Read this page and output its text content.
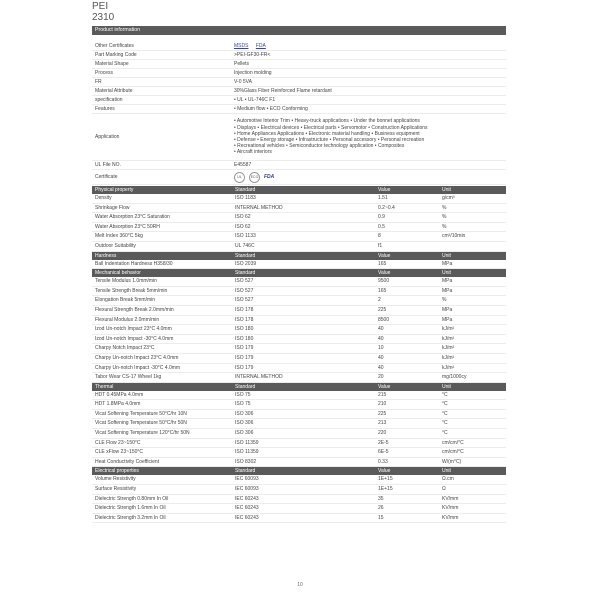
PEI
2310
Product information
Other Certificates	MSDS FDA
Part Marking Code	>PEI-GF30-FR<
Material Shape	Pellets
Process	Injection molding
FR	V-0 5VA
Material Attribute	30%Glass Fiber Reinforced Flame retardant
specification	• UL • UL-746C F1
Features	• Medium flow • ECO Conforming
Application
• Automotive Interior Trim • Heavy-truck applications • Under the bonnet applications
• Displays • Electrical devices • Electrical parts • Servomotor • Construction Applications
• Home Appliances Applications • Electronic material handling • Business equipment
• Defense • Energy storage • Infrastructure • Personal accessory • Personal recreation
• Recreational vehicles • Semiconductor technology application • Composites
• Aircraft interiors
UL File NO.	E45587
Certificate	UL	ECO	FDA
Physical property	Standard	Value	Unit
Density	ISO 1183	1.51	g/cm³
Shrinkage Flow	INTERNAL METHOD	0.2~0.4	%
Water Absorption 23°C Saturation	ISO 62	0.9	%
Water Absorption 23°C 50RH	ISO 62	0.5	%
Melt Index 360°C 5kg	ISO 1133	8	cm³/10min
Outdoor Suitability	UL 746C	f1
Hardness	Standard	Value	Unit
Ball Indentation Hardness H358/30	ISO 2039	165	MPa
Mechanical behavior	Standard	Value	Unit
Tensile Modulus 1.0mm/min	ISO 527	9500	MPa
Tensile Strength Break 5mm/min	ISO 527	165	MPa
Elongation Break 5mm/min	ISO 527	2	%
Flexural Strength Break 2.0mm/min	ISO 178	225	MPa
Flexural Modulus 2.0mm/min	ISO 178	8500	MPa
Izod Un-notch Impact 23°C 4.0mm	ISO 180	40	kJ/m²
Izod Un-notch Impact -30°C 4.0mm	ISO 180	40	kJ/m²
Charpy Notch Impact 23°C	ISO 179	10	kJ/m²
Charpy Un-notch Impact 23°C 4.0mm	ISO 179	40	kJ/m²
Charpy Un-notch Impact -30°C 4.0mm	ISO 179	40	kJ/m²
Tabor Wear CS-17 Wheel 1kg	INTERNAL METHOD	20	mg/1000cy
Thermal	Standard	Value	Unit
HDT 0.45MPa 4.0mm	ISO 75	215	°C
HDT 1.8MPa 4.0mm	ISO 75	210	°C
Vicat Softening Temperature 50°C/hr 10N	ISO 306	225	°C
Vicat Softening Temperature 50°C/hr 50N	ISO 306	213	°C
Vicat Softening Temperature 120°C/hr 50N	ISO 306	220	°C
CLE Flow 23~150°C	ISO 11359	2E-5	cm/cm/°C
CLE xFlow 23~150°C	ISO 11359	6E-5	cm/cm/°C
Heat Conductivity Coefficient	ISO 8302	0.33	W/(m°C)
Electrical properties	Standard	Value	Unit
Volume Resistivity	IEC 60093	1E+15	Ω.cm
Surface Resistivity	IEC 60093	1E+15	Ω
Dielectric Strength 0.80mm In Oil	IEC 60243	35	KV/mm
Dielectric Strength 1.6mm In Oil	IEC 60243	26	KV/mm
Dielectric Strength 3.2mm In Oil	IEC 60243	15	KV/mm
10
